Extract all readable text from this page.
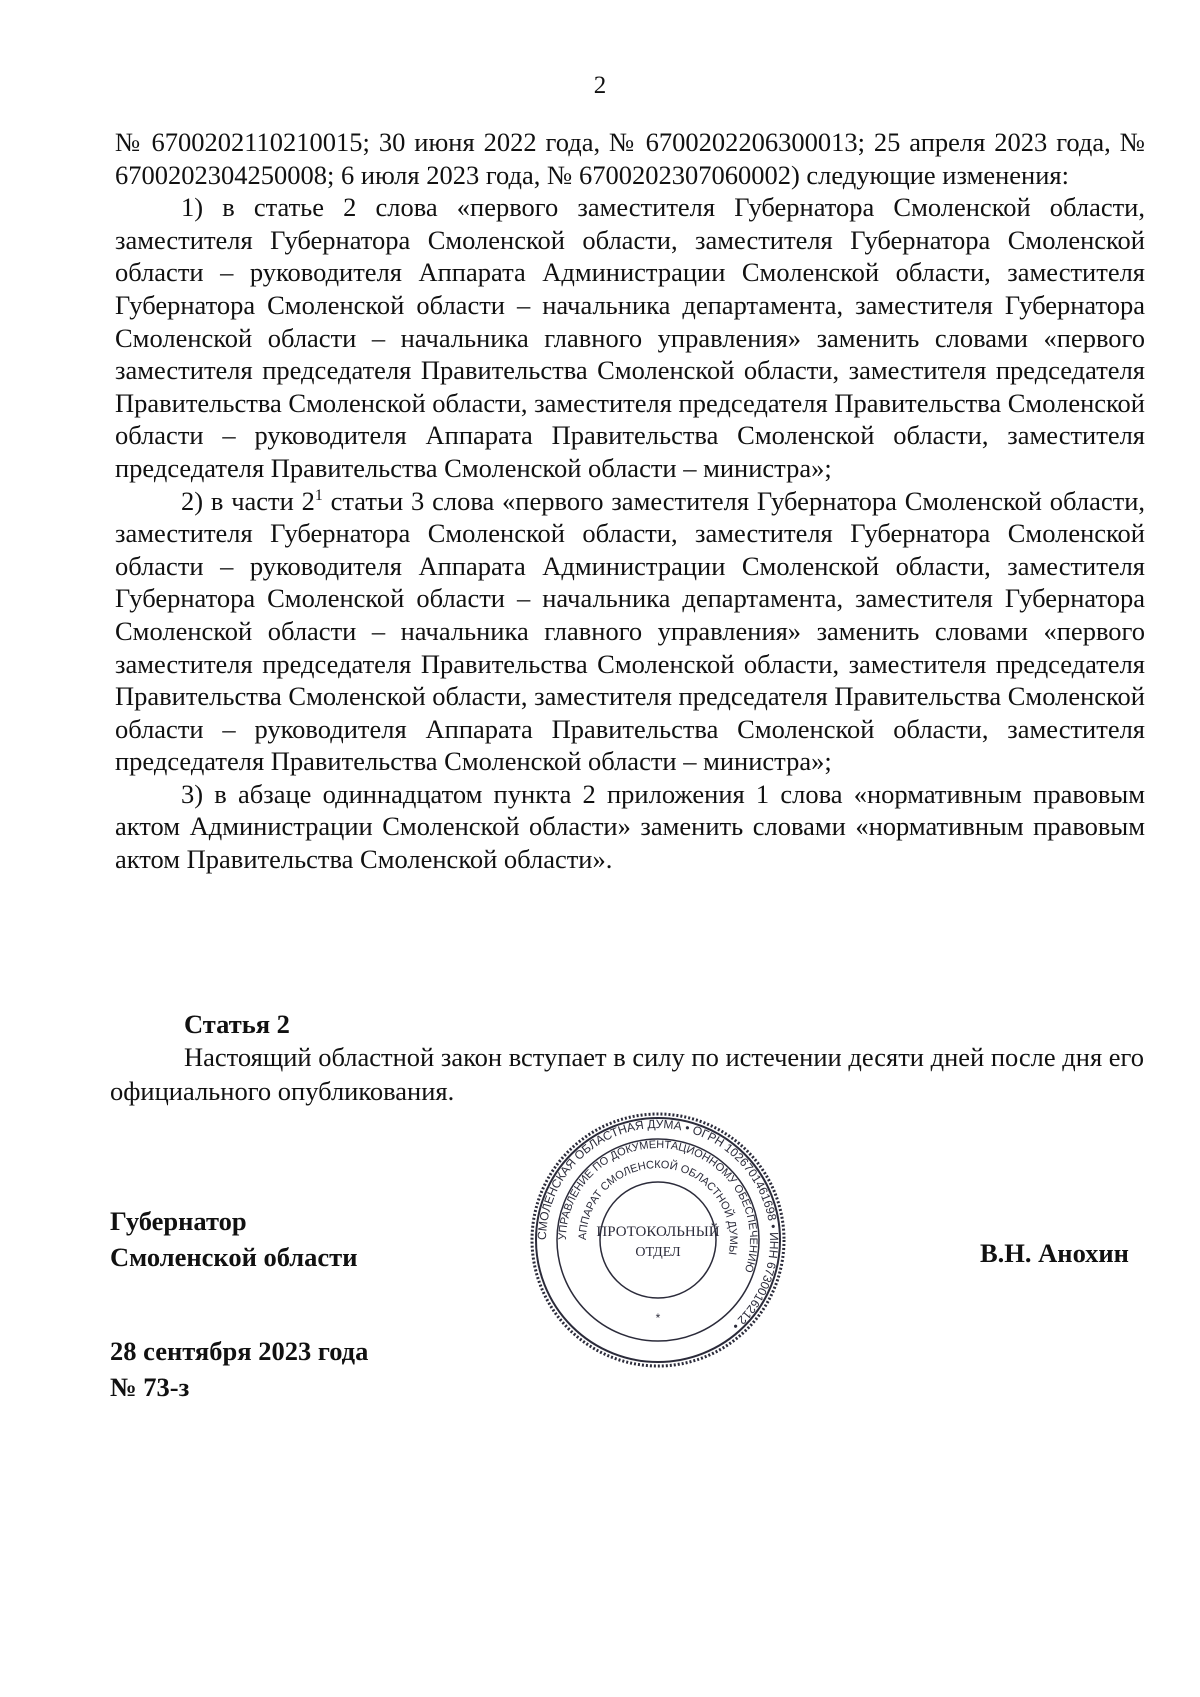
2

№ 6700202110210015; 30 июня 2022 года, № 6700202206300013; 25 апреля 2023 года, № 6700202304250008; 6 июля 2023 года, № 6700202307060002) следующие изменения:

1) в статье 2 слова «первого заместителя Губернатора Смоленской области, заместителя Губернатора Смоленской области, заместителя Губернатора Смоленской области – руководителя Аппарата Администрации Смоленской области, заместителя Губернатора Смоленской области – начальника департамента, заместителя Губернатора Смоленской области – начальника главного управления» заменить словами «первого заместителя председателя Правительства Смоленской области, заместителя председателя Правительства Смоленской области, заместителя председателя Правительства Смоленской области – руководителя Аппарата Правительства Смоленской области, заместителя председателя Правительства Смоленской области – министра»;

2) в части $2^1$ статьи 3 слова «первого заместителя Губернатора Смоленской области, заместителя Губернатора Смоленской области, заместителя Губернатора Смоленской области – руководителя Аппарата Администрации Смоленской области, заместителя Губернатора Смоленской области – начальника департамента, заместителя Губернатора Смоленской области – начальника главного управления» заменить словами «первого заместителя председателя Правительства Смоленской области, заместителя председателя Правительства Смоленской области, заместителя председателя Правительства Смоленской области – руководителя Аппарата Правительства Смоленской области, заместителя председателя Правительства Смоленской области – министра»;

3) в абзаце одиннадцатом пункта 2 приложения 1 слова «нормативным правовым актом Администрации Смоленской области» заменить словами «нормативным правовым актом Правительства Смоленской области».

Статья 2
Настоящий областной закон вступает в силу по истечении десяти дней после дня его официального опубликования.
Губернатор
Смоленской области	В.Н. Анохин
28 сентября 2023 года
№ 73-з
СМОЛЕНСКАЯ ОБЛАСТНАЯ ДУМА • ОГРН 1026701461698 • ИНН 6730016212 •
УПРАВЛЕНИЕ ПО ДОКУМЕНТАЦИОННОМУ ОБЕСПЕЧЕНИЮ
АППАРАТ СМОЛЕНСКОЙ ОБЛАСТНОЙ ДУМЫ
ПРОТОКОЛЬНЫЙ
ОТДЕЛ
*
